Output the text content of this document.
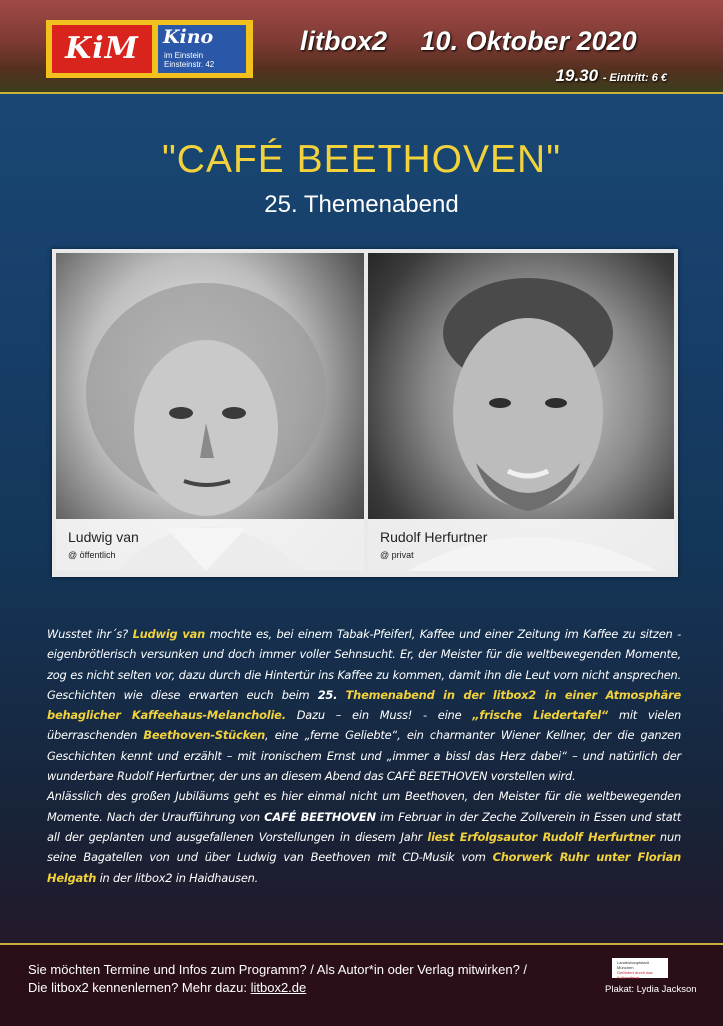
KiM	Kino
im Einstein
Einsteinstr. 42
litbox2 10. Oktober 2020
19.30 - Eintritt: 6 €
"CAFÉ BEETHOVEN"
25. Themenabend
Ludwig van
@ öffentlich
Rudolf Herfurtner
@ privat
Wusstet ihr´s? Ludwig van mochte es, bei einem Tabak-Pfeiferl, Kaffee und einer Zeitung im Kaffee zu sitzen - eigenbrötlerisch versunken und doch immer voller Sehnsucht. Er, der Meister für die weltbewegenden Momente, zog es nicht selten vor, dazu durch die Hintertür ins Kaffee zu kommen, damit ihn die Leut vorn nicht ansprechen. Geschichten wie diese erwarten euch beim 25. Themenabend in der litbox2 in einer Atmosphäre behaglicher Kaffeehaus-Melancholie. Dazu – ein Muss! - eine „frische Liedertafel“ mit vielen überraschenden Beethoven-Stücken, eine „ferne Geliebte“, ein charmanter Wiener Kellner, der die ganzen Geschichten kennt und erzählt – mit ironischem Ernst und „immer a bissl das Herz dabei“ – und natürlich der wunderbare Rudolf Herfurtner, der uns an diesem Abend das CAFÈ BEETHOVEN vorstellen wird.
Anlässlich des großen Jubiläums geht es hier einmal nicht um Beethoven, den Meister für die weltbewegenden Momente. Nach der Uraufführung von CAFÉ BEETHOVEN im Februar in der Zeche Zollverein in Essen und statt all der geplanten und ausgefallenen Vorstellungen in diesem Jahr liest Erfolgsautor Rudolf Herfurtner nun seine Bagatellen von und über Ludwig van Beethoven mit CD-Musik vom Chorwerk Ruhr unter Florian Helgath in der litbox2 in Haidhausen.
Sie möchten Termine und Infos zum Programm? / Als Autor*in oder Verlag mitwirken? /
Die litbox2 kennenlernen? Mehr dazu: litbox2.de
Landeshauptstadt
München
Gefördert durch das Kulturreferat
Plakat: Lydia Jackson
